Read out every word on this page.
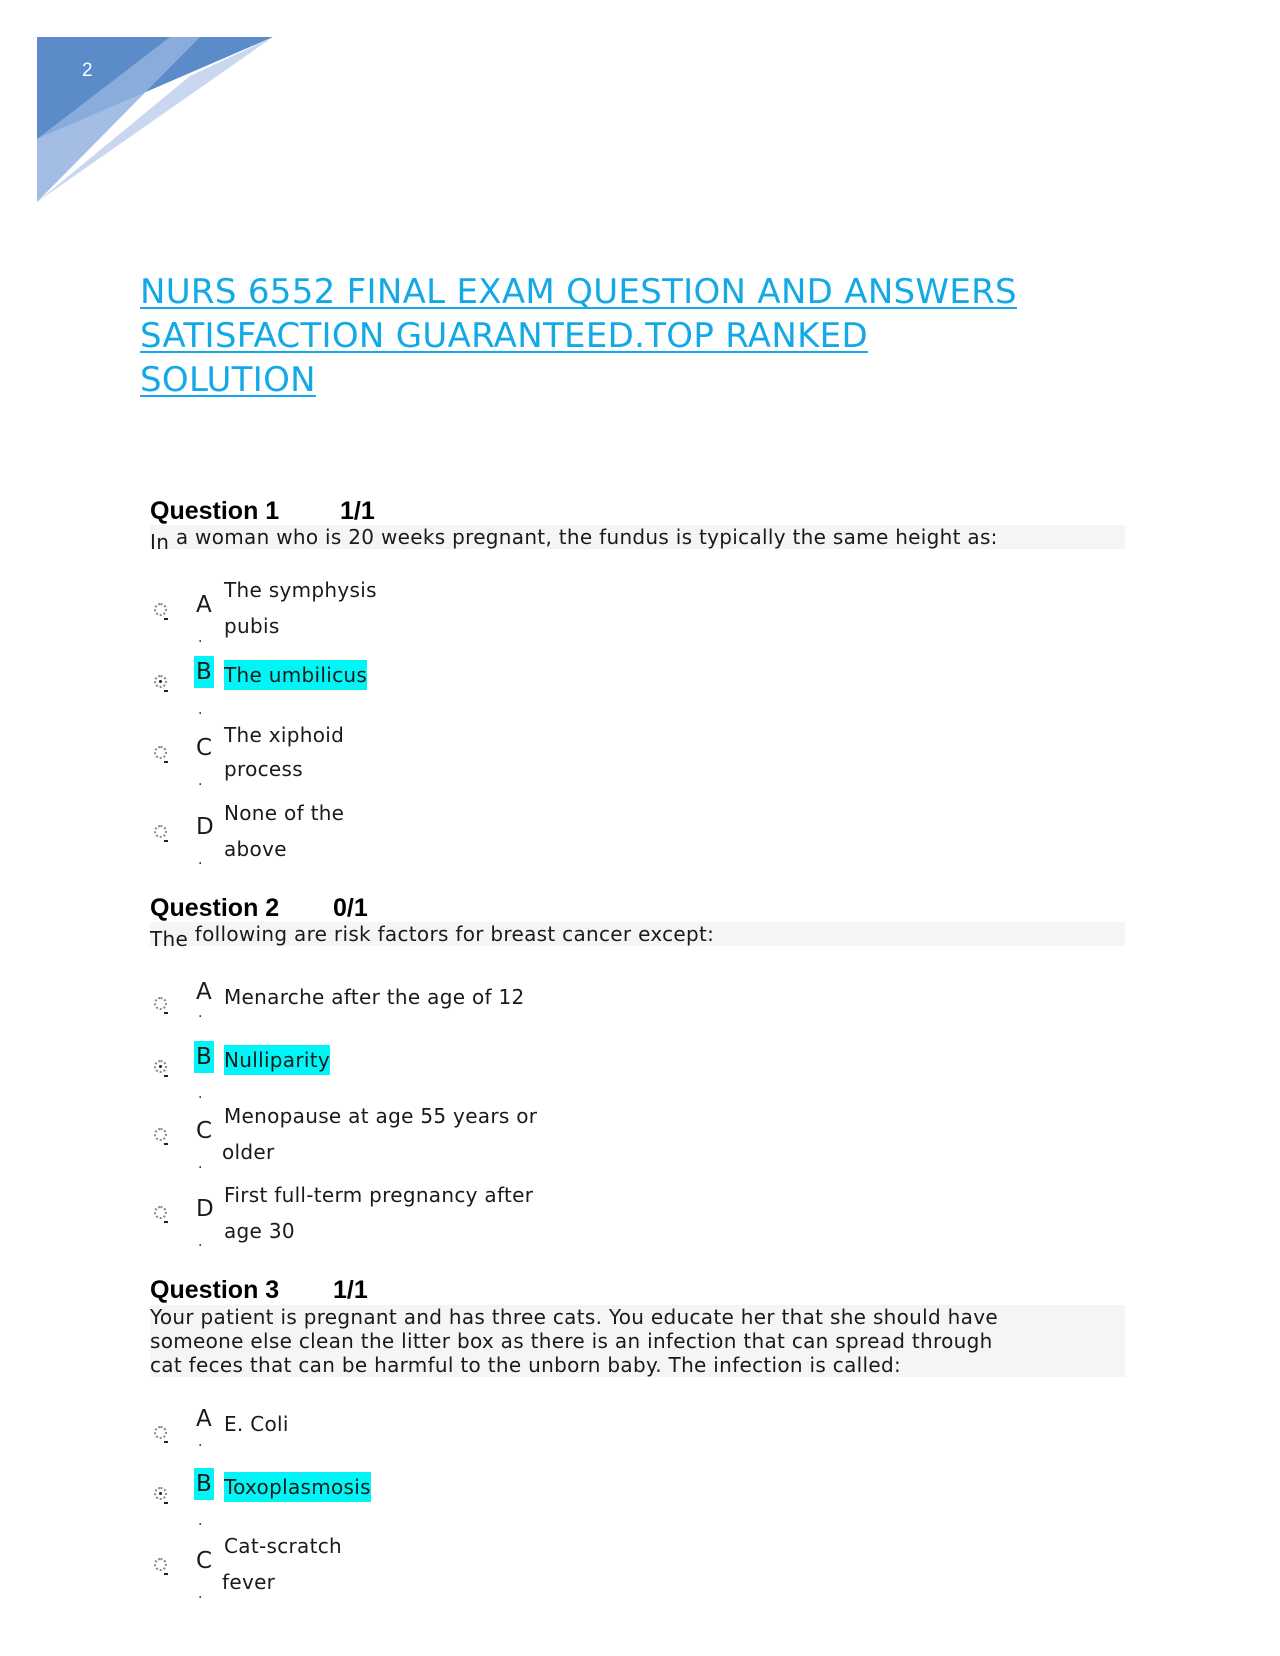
2
NURS 6552 FINAL EXAM QUESTION AND ANSWERS
SATISFACTION GUARANTEED.TOP RANKED
SOLUTION
Question 1 1/1
In a woman who is 20 weeks pregnant, the fundus is typically the same height as:
A
The symphysis
pubis
.
B The umbilicus
.
C The xiphoid
process
.
D
None of the
above
.
Question 2 0/1
The following are risk factors for breast cancer except:
A Menarche after the age of 12
.
B Nulliparity
.
C
Menopause at age 55 years or
older
.
D
First full-term pregnancy after
age 30
.
Question 3 1/1
Your patient is pregnant and has three cats. You educate her that she should have
someone else clean the litter box as there is an infection that can spread through
cat feces that can be harmful to the unborn baby. The infection is called:
A E. Coli
.
B Toxoplasmosis
.
C
Cat-scratch
fever
.
